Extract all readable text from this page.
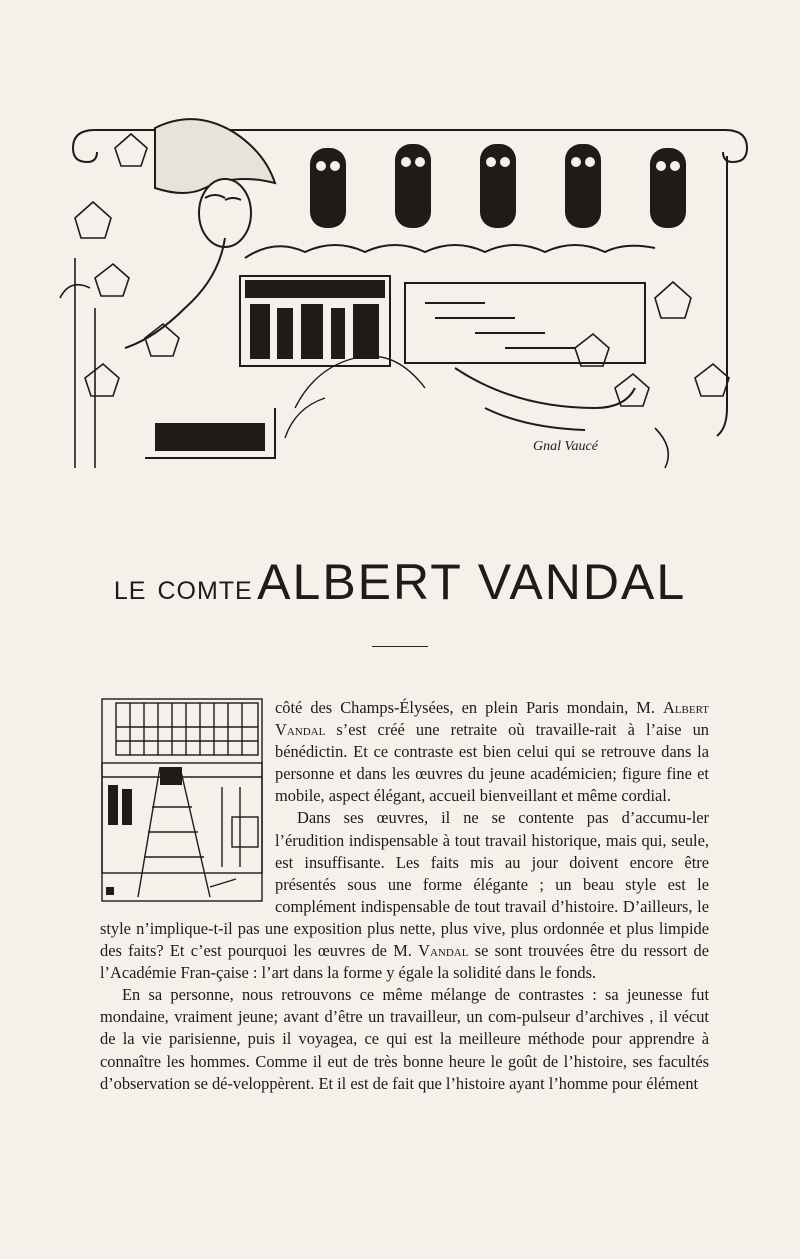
Gnal Vaucé
le comte ALBERT VANDAL

côté des Champs-Élysées, en plein Paris mondain, M. Albert Vandal s’est créé une retraite où travaille-rait à l’aise un bénédictin. Et ce contraste est bien celui qui se retrouve dans la personne et dans les œuvres du jeune académicien; figure fine et mobile, aspect élégant, accueil bienveillant et même cordial.

Dans ses œuvres, il ne se contente pas d’accumu-ler l’érudition indispensable à tout travail historique, mais qui, seule, est insuffisante. Les faits mis au jour doivent encore être présentés sous une forme élégante ; un beau style est le complément indispensable de tout travail d’histoire. D’ailleurs, le style n’implique-t-il pas une exposition plus nette, plus vive, plus ordonnée et plus limpide des faits? Et c’est pourquoi les œuvres de M. Vandal se sont trouvées être du ressort de l’Académie Fran-çaise : l’art dans la forme y égale la solidité dans le fonds.

En sa personne, nous retrouvons ce même mélange de contrastes : sa jeunesse fut mondaine, vraiment jeune; avant d’être un travailleur, un com-pulseur d’archives , il vécut de la vie parisienne, puis il voyagea, ce qui est la meilleure méthode pour apprendre à connaître les hommes. Comme il eut de très bonne heure le goût de l’histoire, ses facultés d’observation se dé-veloppèrent. Et il est de fait que l’histoire ayant l’homme pour élément
